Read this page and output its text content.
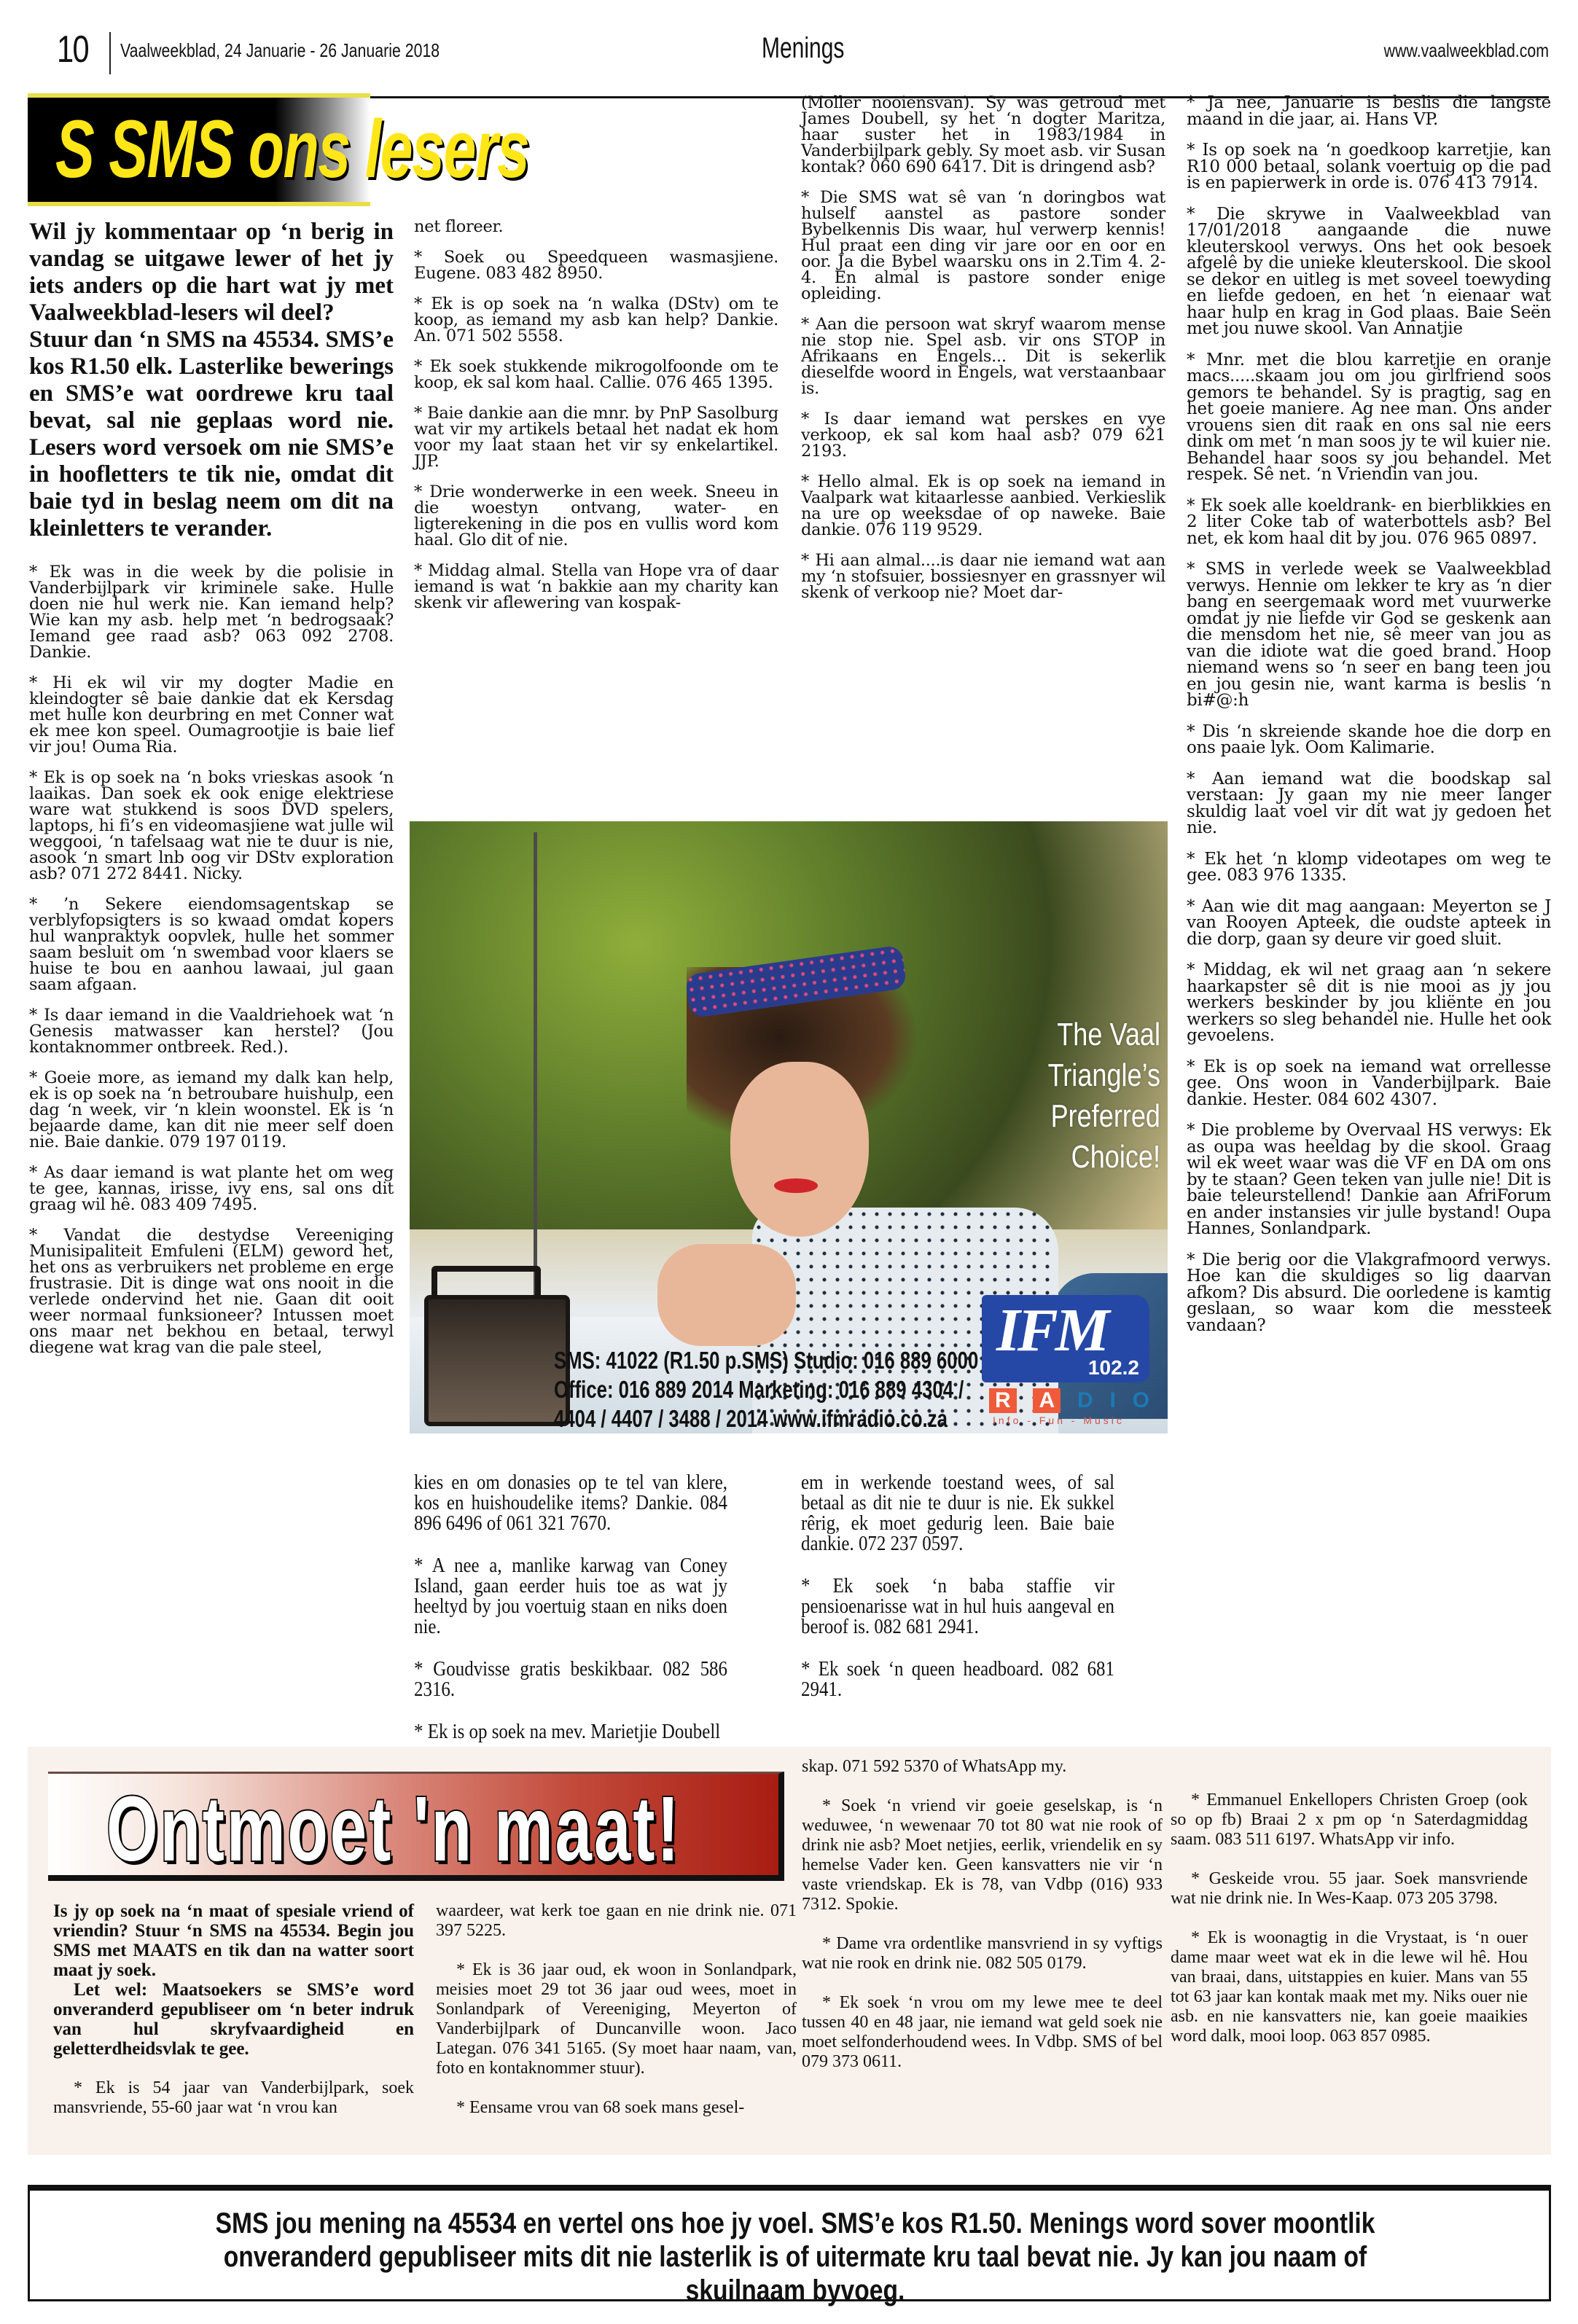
10 Vaalweekblad, 24 Januarie - 26 Januarie 2018	Menings	www.vaalweekblad.com
S SMS ons lesers
Wil jy kommentaar op ‘n berig in vandag se uitgawe lewer of het jy iets anders op die hart wat jy met Vaalweekblad-lesers wil deel?
Stuur dan ‘n SMS na 45534. SMS’e kos R1.50 elk. Lasterlike bewerings en SMS’e wat oordrewe kru taal bevat, sal nie geplaas word nie. Lesers word versoek om nie SMS’e in hoofletters te tik nie, omdat dit baie tyd in beslag neem om dit na kleinletters te verander.

* Ek was in die week by die polisie in Vanderbijlpark vir kriminele sake. Hulle doen nie hul werk nie. Kan iemand help? Wie kan my asb. help met ‘n bedrogsaak? Iemand gee raad asb? 063 092 2708. Dankie.

* Hi ek wil vir my dogter Madie en kleindogter sê baie dankie dat ek Kersdag met hulle kon deurbring en met Conner wat ek mee kon speel. Oumagrootjie is baie lief vir jou! Ouma Ria.

* Ek is op soek na ‘n boks vrieskas asook ‘n laaikas. Dan soek ek ook enige elektriese ware wat stukkend is soos DVD spelers, laptops, hi fi’s en videomasjiene wat julle wil weggooi, ‘n tafelsaag wat nie te duur is nie, asook ‘n smart lnb oog vir DStv exploration asb? 071 272 8441. Nicky.

* ’n Sekere eiendomsagentskap se verblyfopsigters is so kwaad omdat kopers hul wanpraktyk oopvlek, hulle het sommer saam besluit om ‘n swembad voor klaers se huise te bou en aanhou lawaai, jul gaan saam afgaan.

* Is daar iemand in die Vaaldriehoek wat ‘n Genesis matwasser kan herstel? (Jou kontaknommer ontbreek. Red.).

* Goeie more, as iemand my dalk kan help, ek is op soek na ‘n betroubare huishulp, een dag ‘n week, vir ‘n klein woonstel. Ek is ‘n bejaarde dame, kan dit nie meer self doen nie. Baie dankie. 079 197 0119.

* As daar iemand is wat plante het om weg te gee, kannas, irisse, ivy ens, sal ons dit graag wil hê. 083 409 7495.

* Vandat die destydse Vereeniging Munisipaliteit Emfuleni (ELM) geword het, het ons as verbruikers net probleme en erge frustrasie. Dit is dinge wat ons nooit in die verlede ondervind het nie. Gaan dit ooit weer normaal funksioneer? Intussen moet ons maar net bekhou en betaal, terwyl diegene wat krag van die pale steel,

net floreer.

* Soek ou Speedqueen wasmasjiene. Eugene. 083 482 8950.

* Ek is op soek na ‘n walka (DStv) om te koop, as iemand my asb kan help? Dankie. An. 071 502 5558.

* Ek soek stukkende mikrogolfoonde om te koop, ek sal kom haal. Callie. 076 465 1395.

* Baie dankie aan die mnr. by PnP Sasolburg wat vir my artikels betaal het nadat ek hom voor my laat staan het vir sy enkelartikel. JJP.

* Drie wonderwerke in een week. Sneeu in die woestyn ontvang, water- en ligterekening in die pos en vullis word kom haal. Glo dit of nie.

* Middag almal. Stella van Hope vra of daar iemand is wat ‘n bakkie aan my charity kan skenk vir aflewering van kospak-

(Moller nooiensvan). Sy was getroud met James Doubell, sy het ‘n dogter Maritza, haar suster het in 1983/1984 in Vanderbijlpark gebly. Sy moet asb. vir Susan kontak? 060 690 6417. Dit is dringend asb?

* Die SMS wat sê van ‘n doringbos wat hulself aanstel as pastore sonder Bybelkennis Dis waar, hul verwerp kennis! Hul praat een ding vir jare oor en oor en oor. Ja die Bybel waarsku ons in 2.Tim 4. 2-4. En almal is pastore sonder enige opleiding.

* Aan die persoon wat skryf waarom mense nie stop nie. Spel asb. vir ons STOP in Afrikaans en Engels... Dit is sekerlik dieselfde woord in Engels, wat verstaanbaar is.

* Is daar iemand wat perskes en vye verkoop, ek sal kom haal asb? 079 621 2193.

* Hello almal. Ek is op soek na iemand in Vaalpark wat kitaarlesse aanbied. Verkieslik na ure op weeksdae of op naweke. Baie dankie. 076 119 9529.

* Hi aan almal....is daar nie iemand wat aan my ‘n stofsuier, bossiesnyer en grassnyer wil skenk of verkoop nie? Moet dar-

* Ja nee, Januarie is beslis die langste maand in die jaar, ai. Hans VP.

* Is op soek na ‘n goedkoop karretjie, kan R10 000 betaal, solank voertuig op die pad is en papierwerk in orde is. 076 413 7914.

* Die skrywe in Vaalweekblad van 17/01/2018 aangaande die nuwe kleuterskool verwys. Ons het ook besoek afgelê by die unieke kleuterskool. Die skool se dekor en uitleg is met soveel toewyding en liefde gedoen, en het ‘n eienaar wat haar hulp en krag in God plaas. Baie Seën met jou nuwe skool. Van Annatjie

* Mnr. met die blou karretjie en oranje macs.....skaam jou om jou girlfriend soos gemors te behandel. Sy is pragtig, sag en het goeie maniere. Ag nee man. Ons ander vrouens sien dit raak en ons sal nie eers dink om met ‘n man soos jy te wil kuier nie. Behandel haar soos sy jou behandel. Met respek. Sê net. ‘n Vriendin van jou.

* Ek soek alle koeldrank- en bierblikkies en 2 liter Coke tab of waterbottels asb? Bel net, ek kom haal dit by jou. 076 965 0897.

* SMS in verlede week se Vaalweekblad verwys. Hennie om lekker te kry as ‘n dier bang en seergemaak word met vuurwerke omdat jy nie liefde vir God se geskenk aan die mensdom het nie, sê meer van jou as van die idiote wat die goed brand. Hoop niemand wens so ‘n seer en bang teen jou en jou gesin nie, want karma is beslis ‘n bi#@:h

* Dis ‘n skreiende skande hoe die dorp en ons paaie lyk. Oom Kalimarie.

* Aan iemand wat die boodskap sal verstaan: Jy gaan my nie meer langer skuldig laat voel vir dit wat jy gedoen het nie.

* Ek het ‘n klomp videotapes om weg te gee. 083 976 1335.

* Aan wie dit mag aangaan: Meyerton se J van Rooyen Apteek, die oudste apteek in die dorp, gaan sy deure vir goed sluit.

* Middag, ek wil net graag aan ‘n sekere haarkapster sê dit is nie mooi as jy jou werkers beskinder by jou kliënte en jou werkers so sleg behandel nie. Hulle het ook gevoelens.

* Ek is op soek na iemand wat orrellesse gee. Ons woon in Vanderbijlpark. Baie dankie. Hester. 084 602 4307.

* Die probleme by Overvaal HS verwys: Ek as oupa was heeldag by die skool. Graag wil ek weet waar was die VF en DA om ons by te staan? Geen teken van julle nie! Dit is baie teleurstellend! Dankie aan AfriForum en ander instansies vir julle bystand! Oupa Hannes, Sonlandpark.

* Die berig oor die Vlakgrafmoord verwys. Hoe kan die skuldiges so lig daarvan afkom? Dis absurd. Die oorledene is kamtig geslaan, so waar kom die messteek vandaan?

The Vaal Triangle’s
Preferred Choice!
SMS: 41022 (R1.50 p.SMS) Studio: 016 889 6000
Office: 016 889 2014 Marketing: 016 889 4304 /
4404 / 4407 / 3488 / 2014 www.ifmradio.co.za
IFM
102.2
R A D I O
Info - Fun - Music

kies en om donasies op te tel van klere, kos en huishoudelike items? Dankie. 084 896 6496 of 061 321 7670.

* A nee a, manlike karwag van Coney Island, gaan eerder huis toe as wat jy heeltyd by jou voertuig staan en niks doen nie.

* Goudvisse gratis beskikbaar. 082 586 2316.

* Ek is op soek na mev. Marietjie Doubell

em in werkende toestand wees, of sal betaal as dit nie te duur is nie. Ek sukkel rêrig, ek moet gedurig leen. Baie baie dankie. 072 237 0597.

* Ek soek ‘n baba staffie vir pensioenarisse wat in hul huis aangeval en beroof is. 082 681 2941.

* Ek soek ‘n queen headboard. 082 681 2941.

Ontmoet 'n maat!

Is jy op soek na ‘n maat of spesiale vriend of vriendin? Stuur ‘n SMS na 45534. Begin jou SMS met MAATS en tik dan na watter soort maat jy soek.

Let wel: Maatsoekers se SMS’e word onveranderd gepubliseer om ‘n beter indruk van hul skryfvaardigheid en geletterdheidsvlak te gee.

* Ek is 54 jaar van Vanderbijlpark, soek mansvriende, 55-60 jaar wat ‘n vrou kan

waardeer, wat kerk toe gaan en nie drink nie. 071 397 5225.

* Ek is 36 jaar oud, ek woon in Sonlandpark, meisies moet 29 tot 36 jaar oud wees, moet in Sonlandpark of Vereeniging, Meyerton of Vanderbijlpark of Duncanville woon. Jaco Lategan. 076 341 5165. (Sy moet haar naam, van, foto en kontaknommer stuur).

* Eensame vrou van 68 soek mans gesel-

skap. 071 592 5370 of WhatsApp my.

* Soek ‘n vriend vir goeie geselskap, is ‘n weduwee, ‘n wewenaar 70 tot 80 wat nie rook of drink nie asb? Moet netjies, eerlik, vriendelik en sy hemelse Vader ken. Geen kansvatters nie vir ‘n vaste vriendskap. Ek is 78, van Vdbp (016) 933 7312. Spokie.

* Dame vra ordentlike mansvriend in sy vyftigs wat nie rook en drink nie. 082 505 0179.

* Ek soek ‘n vrou om my lewe mee te deel tussen 40 en 48 jaar, nie iemand wat geld soek nie moet selfonderhoudend wees. In Vdbp. SMS of bel 079 373 0611.

* Emmanuel Enkellopers Christen Groep (ook so op fb) Braai 2 x pm op ‘n Saterdagmiddag saam. 083 511 6197. WhatsApp vir info.

* Geskeide vrou. 55 jaar. Soek mansvriende wat nie drink nie. In Wes-Kaap. 073 205 3798.

* Ek is woonagtig in die Vrystaat, is ‘n ouer dame maar weet wat ek in die lewe wil hê. Hou van braai, dans, uitstappies en kuier. Mans van 55 tot 63 jaar kan kontak maak met my. Niks ouer nie asb. en nie kansvatters nie, kan goeie maaikies word dalk, mooi loop. 063 857 0985.

SMS jou mening na 45534 en vertel ons hoe jy voel. SMS’e kos R1.50. Menings word sover moontlik onveranderd gepubliseer mits dit nie lasterlik is of uitermate kru taal bevat nie. Jy kan jou naam of skuilnaam byvoeg.
